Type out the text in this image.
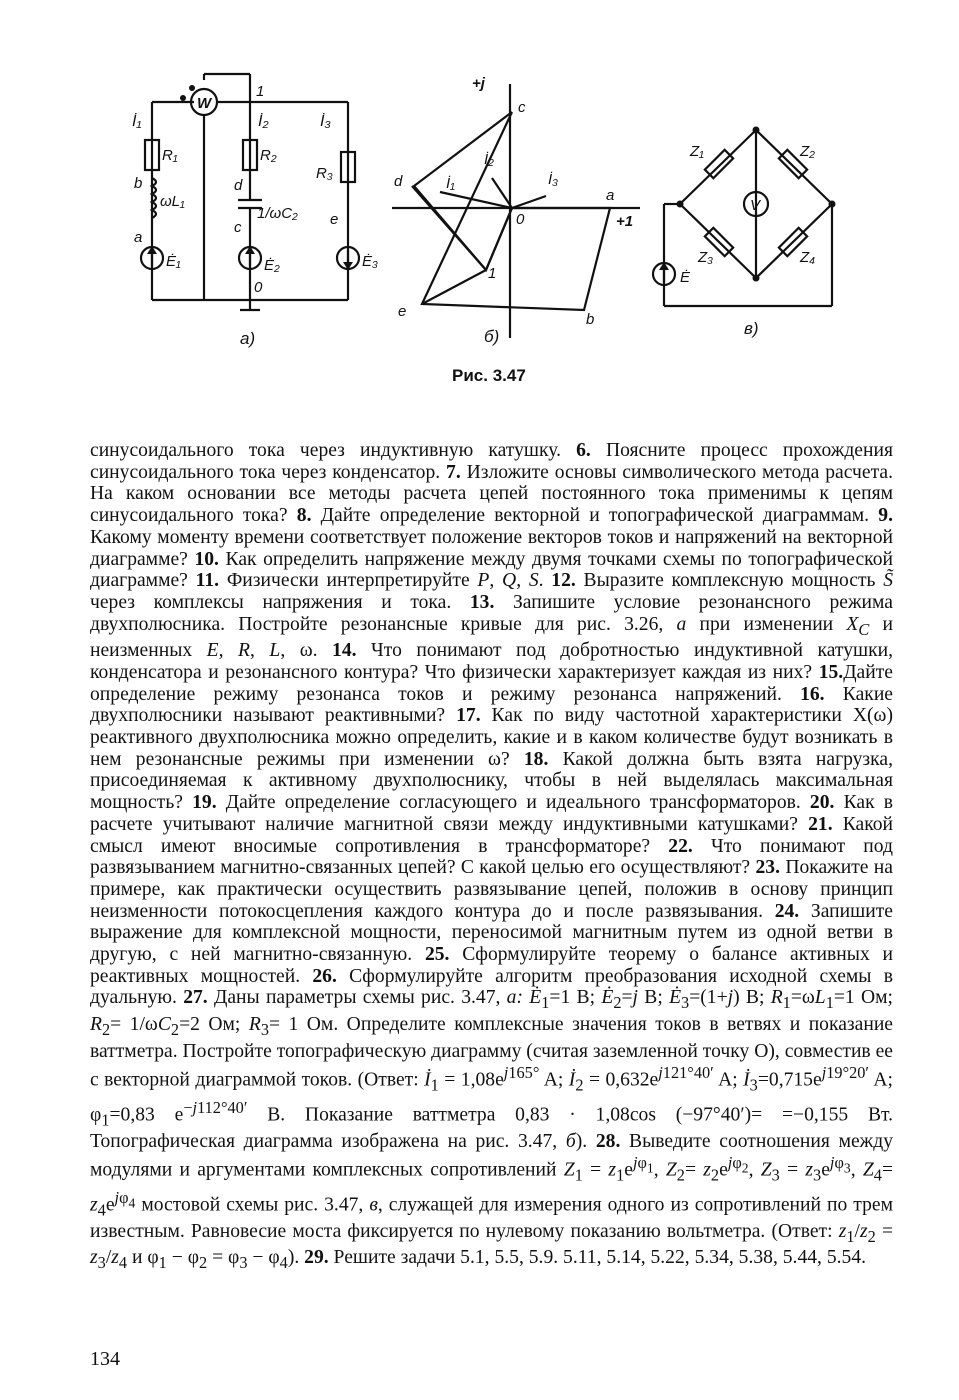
W
1
0
İ₁	İ₂	İ₃
R₁
ωL₁
R₂
1/ωC₂
R₃
Ė₁	Ė₂	Ė₃
b
a
d
c	e
а)
+j
+1
c
d
a
0
1
e	b
İ₁
İ₂
İ₃
б)
V
Z₁	Z₂
Z₃	Z₄
Ė
в)
Рис. 3.47

синусоидального тока через индуктивную катушку. 6. Поясните процесс прохождения синусоидального тока через конденсатор. 7. Изложите основы символического метода расчета. На каком основании все методы расчета цепей постоянного тока применимы к цепям синусоидального тока? 8. Дайте определение векторной и топографической диаграммам. 9. Какому моменту времени соответствует положение векторов токов и напряжений на векторной диаграмме? 10. Как определить напряжение между двумя точками схемы по топографической диаграмме? 11. Физически интерпретируйте P, Q, S. 12. Выразите комплексную мощность S̃ через комплексы напряжения и тока. 13. Запишите условие резонансного режима двухполюсника. Постройте резонансные кривые для рис. 3.26, а при изменении $X_C$ и неизменных E, R, L, ω. 14. Что понимают под добротностью индуктивной катушки, конденсатора и резонансного контура? Что физически характеризует каждая из них? 15.Дайте определение режиму резонанса токов и режиму резонанса напряжений. 16. Какие двухполюсники называют реактивными? 17. Как по виду частотной характеристики X(ω) реактивного двухполюсника можно определить, какие и в каком количестве будут возникать в нем резонансные режимы при изменении ω? 18. Какой должна быть взята нагрузка, присоединяемая к активному двухполюснику, чтобы в ней выделялась максимальная мощность? 19. Дайте определение согласующего и идеального трансформаторов. 20. Как в расчете учитывают наличие магнитной связи между индуктивными катушками? 21. Какой смысл имеют вносимые сопротивления в трансформаторе? 22. Что понимают под развязыванием магнитно-связанных цепей? С какой целью его осуществляют? 23. Покажите на примере, как практически осуществить развязывание цепей, положив в основу принцип неизменности потокосцепления каждого контура до и после развязывания. 24. Запишите выражение для комплексной мощности, переносимой магнитным путем из одной ветви в другую, с ней магнитно-связанную. 25. Сформулируйте теорему о балансе активных и реактивных мощностей. 26. Сформулируйте алгоритм преобразования исходной схемы в дуальную. 27. Даны параметры схемы рис. 3.47, а: $Ė_1=1$ В; $Ė_2=j$ В; $Ė_3=(1+j)$ В; $R_1=\omega L_1=1$ Ом; $R_2= 1/\omega C_2=2$ Ом; $R_3= 1$ Ом. Определите комплексные значения токов в ветвях и показание ваттметра. Постройте топографическую диаграмму (считая заземленной точку О), совместив ее с векторной диаграммой токов. (Ответ: $İ_1 = 1,08e^{j165^\circ}$ A; $İ_2 = 0,632e^{j121^\circ 40'}$ A; $İ_3=0,715e^{j19^\circ 20'}$ A; $\varphi_1=0,83$ $e^{-j112^\circ 40'}$ В. Показание ваттметра 0,83 · 1,08cos (−97°40′)= =−0,155 Вт. Топографическая диаграмма изображена на рис. 3.47, б). 28. Выведите соотношения между модулями и аргументами комплексных сопротивлений $Z_1 = z_1e^{j\varphi_1}$, $Z_2= z_2e^{j\varphi_2}$, $Z_3 = z_3e^{j\varphi_3}$, $Z_4= z_4e^{j\varphi_4}$ мостовой схемы рис. 3.47, в, служащей для измерения одного из сопротивлений по трем известным. Равновесие моста фиксируется по нулевому показанию вольтметра. (Ответ: $z_1/z_2 = z_3/z_4$ и $\varphi_1 - \varphi_2 = \varphi_3 - \varphi_4$). 29. Решите задачи 5.1, 5.5, 5.9. 5.11, 5.14, 5.22, 5.34, 5.38, 5.44, 5.54.

134
